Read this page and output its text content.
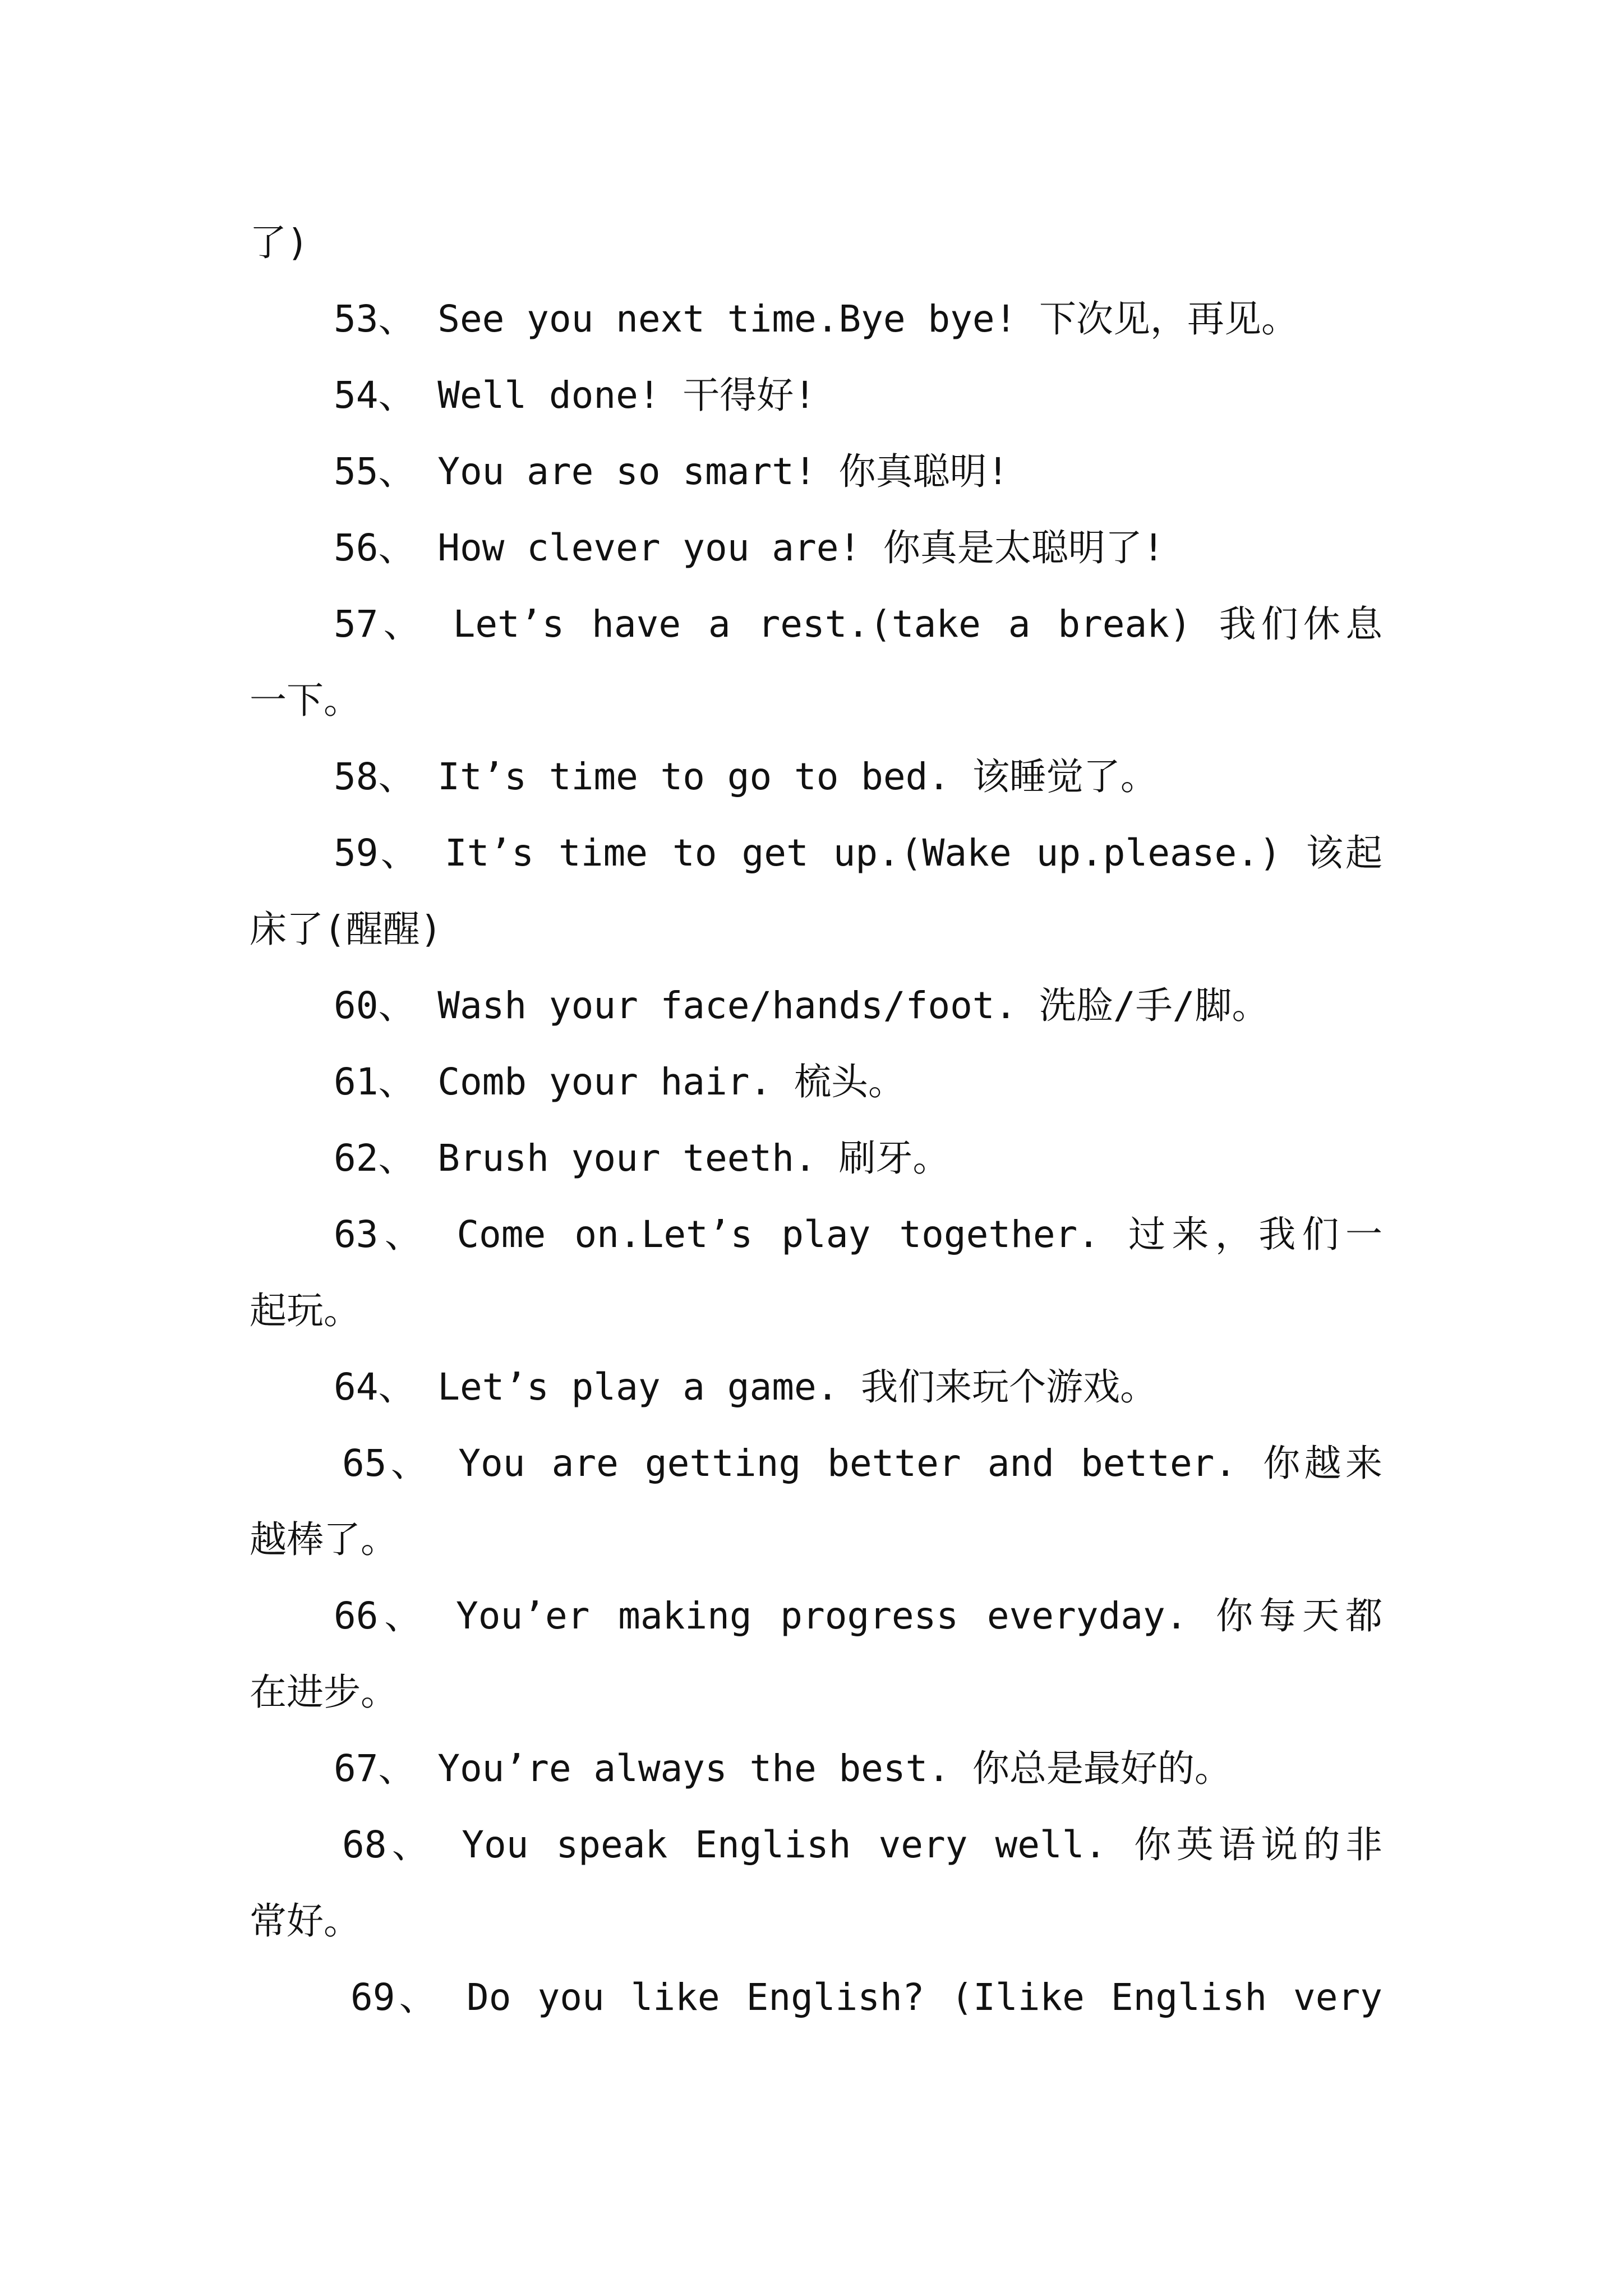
了)
53、 See you next time.Bye bye! 下次见，再见。
54、 Well done! 干得好!
55、 You are so smart! 你真聪明!
56、 How clever you are! 你真是太聪明了!
57、 Let’s have a rest.(take a break) 我们休息
一下。
58、 It’s time to go to bed. 该睡觉了。
59、 It’s time to get up.(Wake up.please.) 该起
床了(醒醒)
60、 Wash your face/hands/foot. 洗脸/手/脚。
61、 Comb your hair. 梳头。
62、 Brush your teeth. 刷牙。
63、 Come on.Let’s play together. 过来，我们一
起玩。
64、 Let’s play a game. 我们来玩个游戏。
65、 You are getting better and better. 你越来
越棒了。
66、 You’er making progress everyday. 你每天都
在进步。
67、 You’re always the best. 你总是最好的。
68、 You speak English very well. 你英语说的非
常好。
69、 Do you like English? (Ilike English very
